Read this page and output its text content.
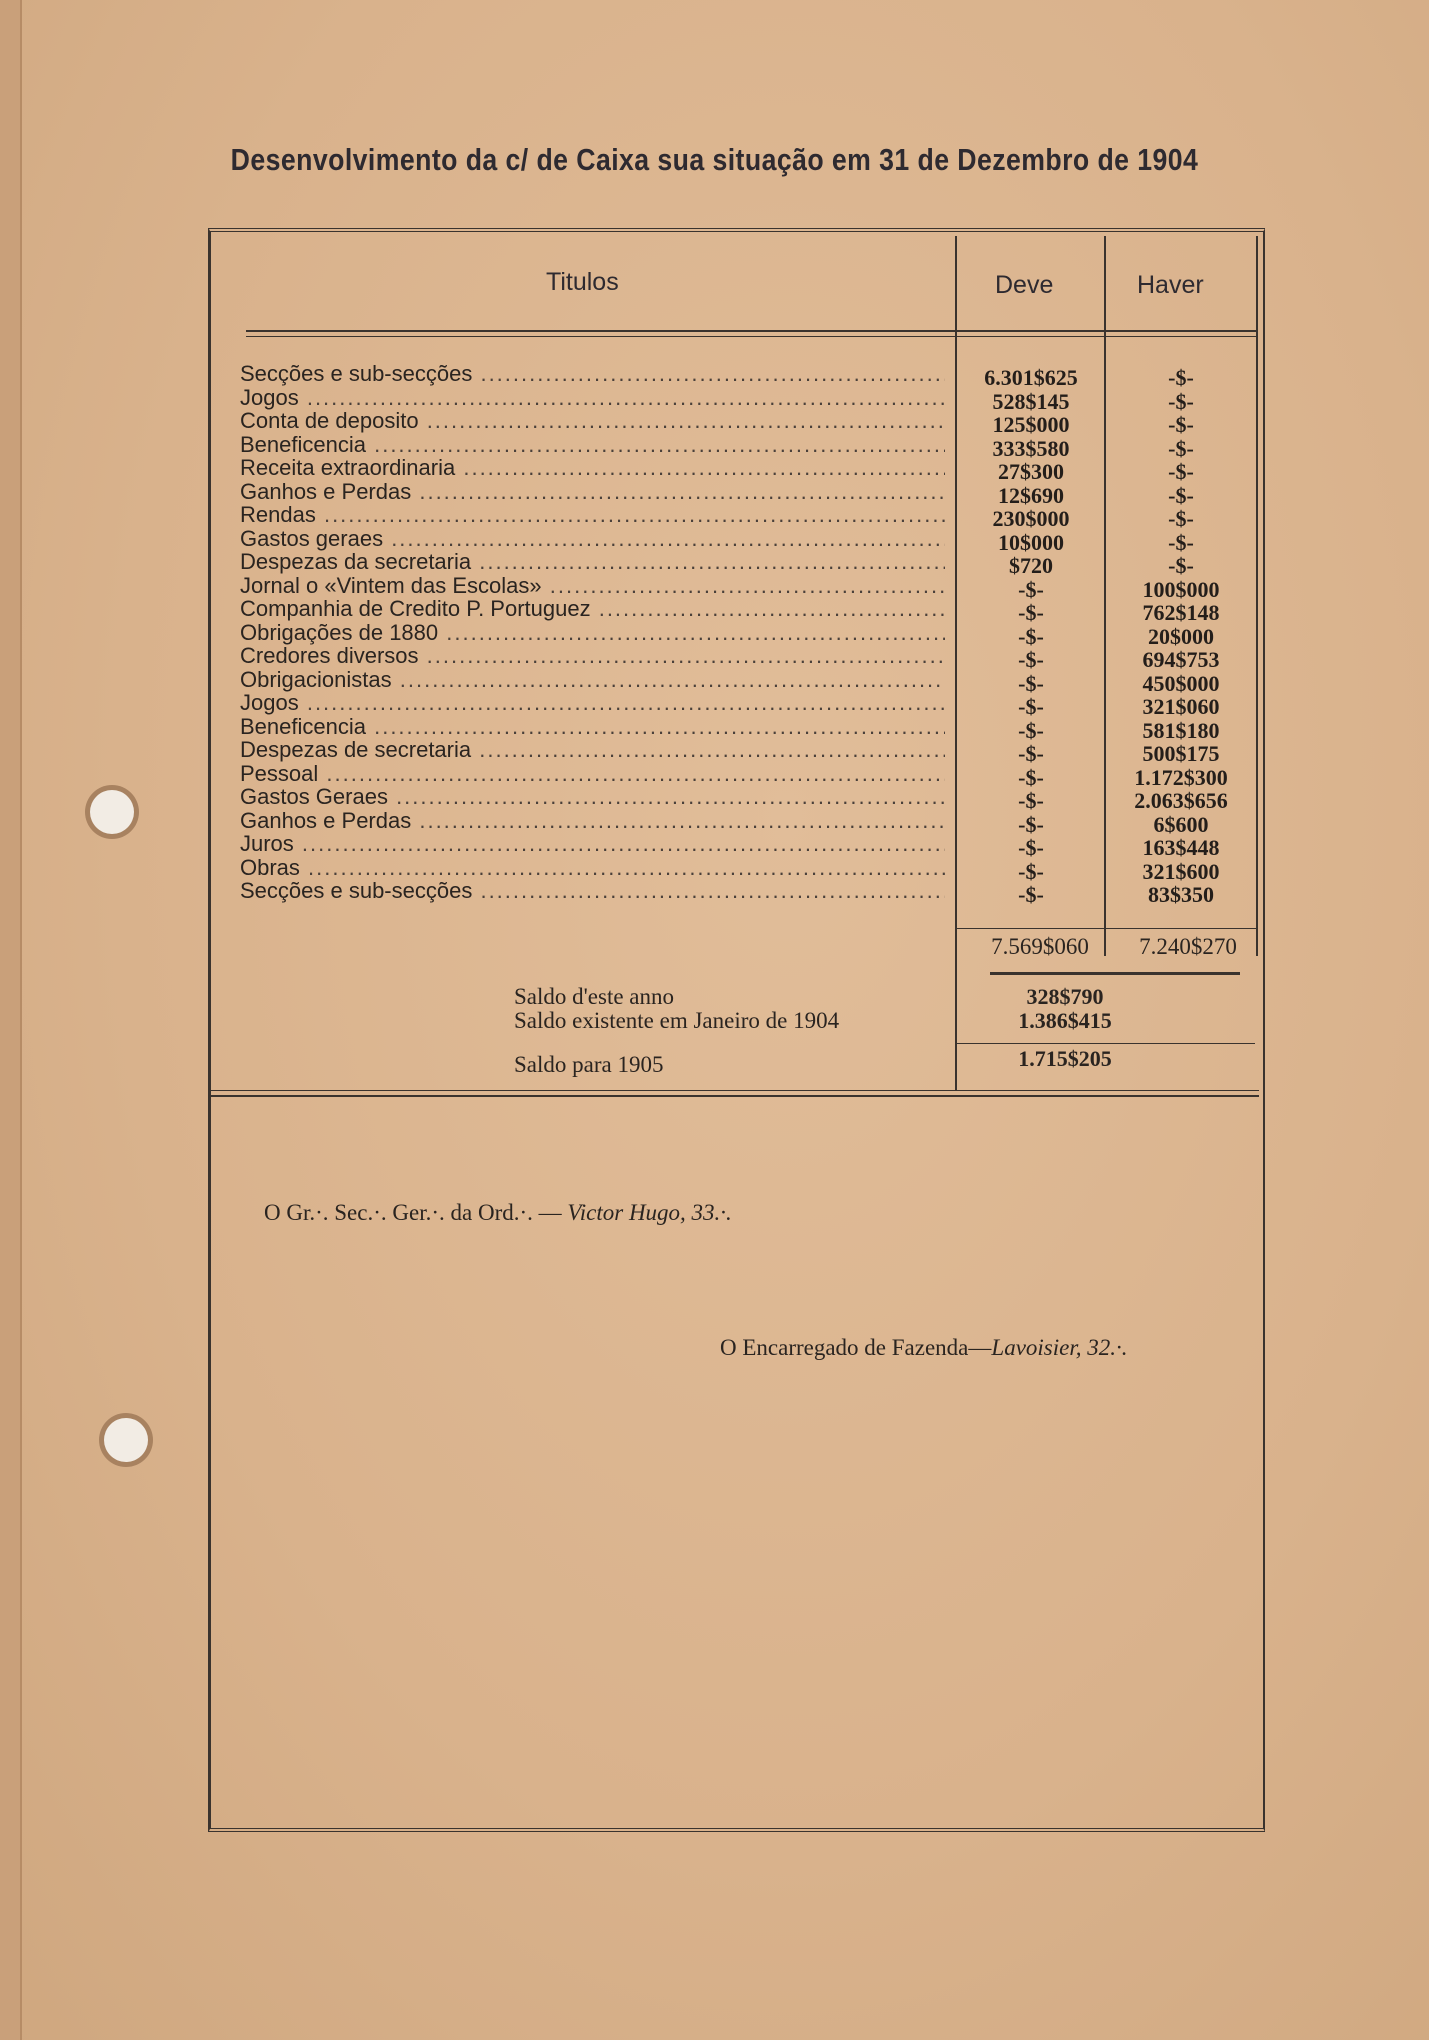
Desenvolvimento da c/ de Caixa sua situação em 31 de Dezembro de 1904
Titulos	Deve	Haver
Secções e sub-secções .....	6.301$625	-$-
Jogos .....	528$145	-$-
Conta de deposito .....	125$000	-$-
Beneficencia .....	333$580	-$-
Receita extraordinaria .....	27$300	-$-
Ganhos e Perdas .....	12$690	-$-
Rendas .....	230$000	-$-
Gastos geraes .....	10$000	-$-
Despezas da secretaria .....	$720	-$-
Jornal o «Vintem das Escolas» .....	-$-	100$000
Companhia de Credito P. Portuguez .....	-$-	762$148
Obrigações de 1880 .....	-$-	20$000
Credores diversos .....	-$-	694$753
Obrigacionistas .....	-$-	450$000
Jogos .....	-$-	321$060
Beneficencia .....	-$-	581$180
Despezas de secretaria .....	-$-	500$175
Pessoal .....	-$-	1.172$300
Gastos Geraes .....	-$-	2.063$656
Ganhos e Perdas .....	-$-	6$600
Juros .....	-$-	163$448
Obras .....	-$-	321$600
Secções e sub-secções .....	-$-	83$350
7.569$060	7.240$270
Saldo d'este anno	328$790
Saldo existente em Janeiro de 1904	1.386$415
Saldo para 1905	1.715$205
O Gr.·. Sec.·. Ger.·. da Ord.·. — Victor Hugo, 33.·.
O Encarregado de Fazenda—Lavoisier, 32.·.
